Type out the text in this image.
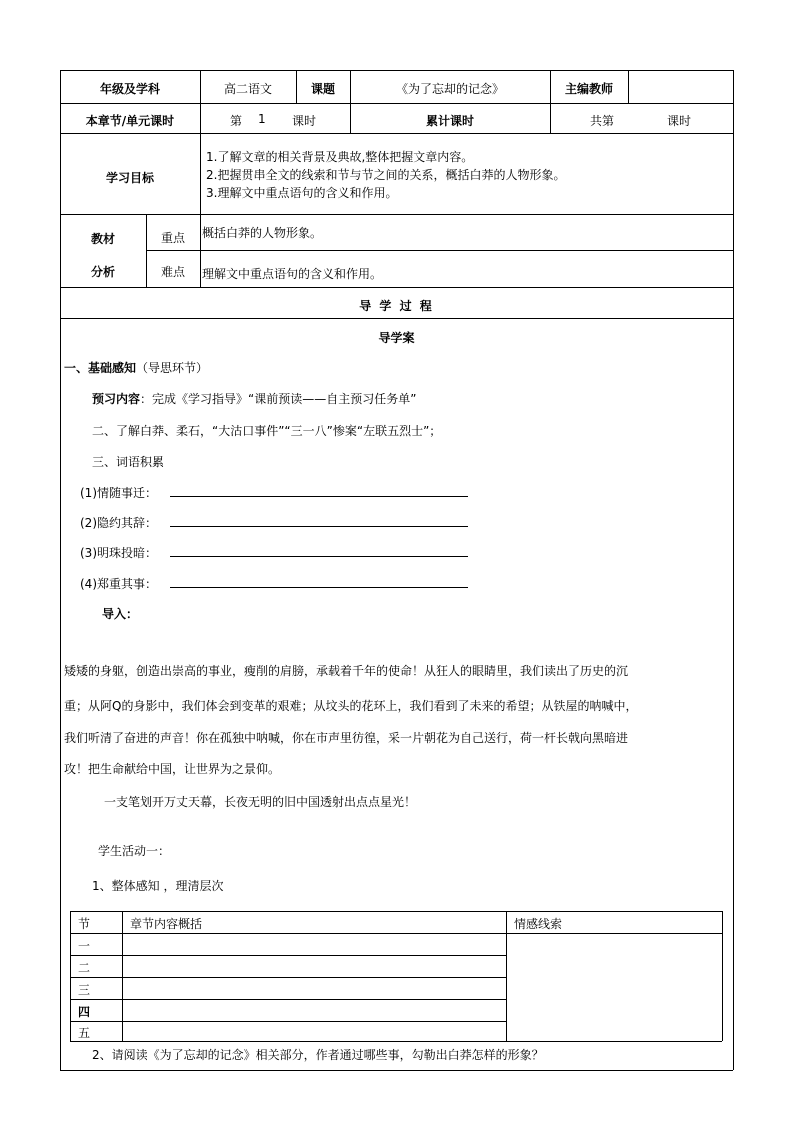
年级及学科	高二语文	课题	《为了忘却的记念》	主编教师
本章节/单元课时	第 1 课时	累计课时	共第	课时
学习目标
1.了解文章的相关背景及典故,整体把握文章内容。
2.把握贯串全文的线索和节与节之间的关系，概括白莽的人物形象。
3.理解文中重点语句的含义和作用。
教材
分析
重点	概括白莽的人物形象。
难点	理解文中重点语句的含义和作用。
导 学 过 程
导学案
一、基础感知（导思环节）
预习内容：完成《学习指导》“课前预读——自主预习任务单”
二、了解白莽、柔石，“大沽口事件”“三一八”惨案“左联五烈士”；
三、词语积累
(1)情随事迁：
(2)隐约其辞：
(3)明珠投暗：
(4)郑重其事：
导入：
矮矮的身躯，创造出崇高的事业，瘦削的肩膀，承载着千年的使命！从狂人的眼睛里，我们读出了历史的沉
重；从阿Q的身影中，我们体会到变革的艰难；从坟头的花环上，我们看到了未来的希望；从铁屋的呐喊中，
我们听清了奋进的声音！你在孤独中呐喊，你在市声里彷徨，采一片朝花为自己送行，荷一杆长戟向黑暗进
攻！把生命献给中国，让世界为之景仰。
一支笔划开万丈天幕，长夜无明的旧中国透射出点点星光！
学生活动一：
1、整体感知 ，理清层次
节	章节内容概括	情感线索
一
二
三
四
五
2、请阅读《为了忘却的记念》相关部分，作者通过哪些事，勾勒出白莽怎样的形象？
